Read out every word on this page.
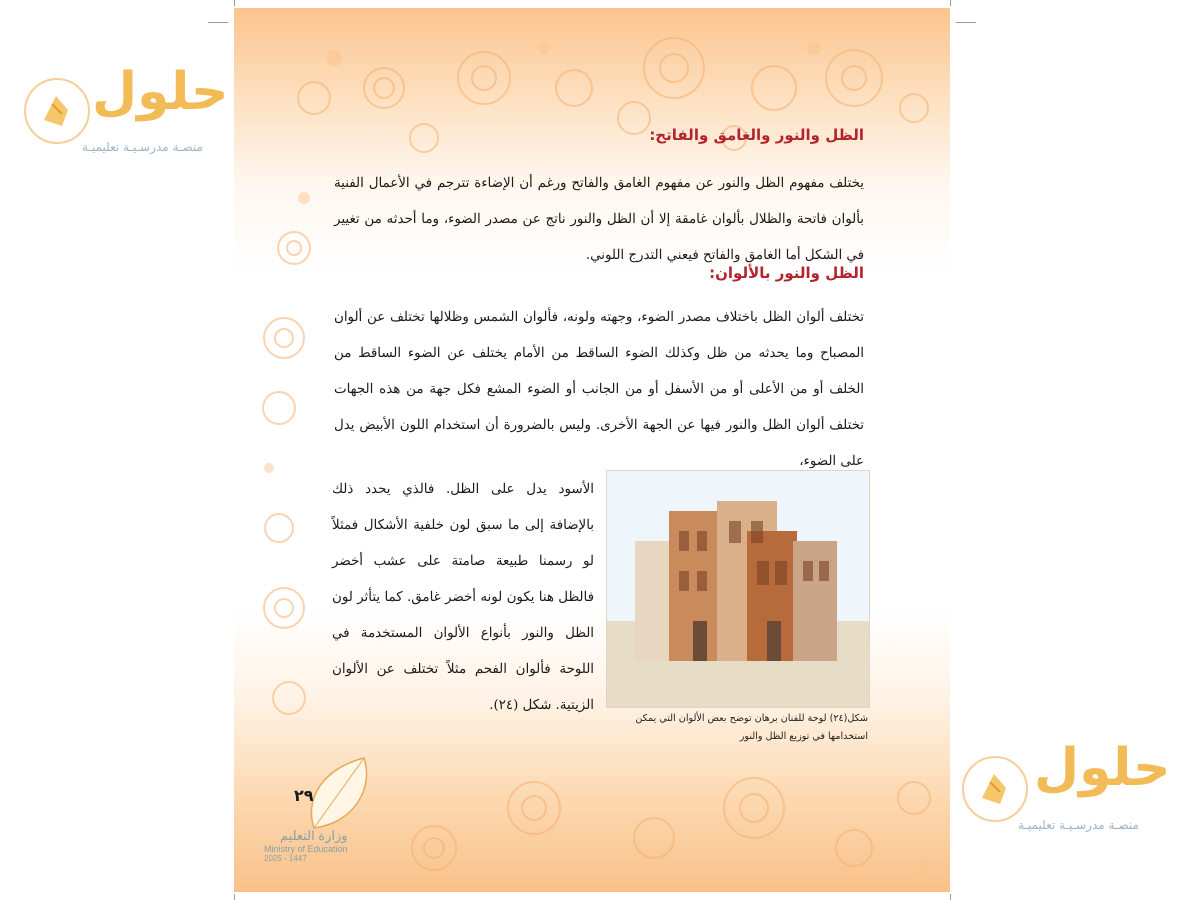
حلول
منصـة مدرسـيـة تعليميـة
الظل والنور والغامق والفاتح:
يختلف مفهوم الظل والنور عن مفهوم الغامق والفاتح ورغم أن الإضاءة تترجم في الأعمال الفنية بألوان فاتحة والظلال بألوان غامقة إلا أن الظل والنور ناتج عن مصدر الضوء، وما أحدثه من تغيير في الشكل أما الغامق والفاتح فيعني التدرج اللوني.
الظل والنور بالألوان:
تختلف ألوان الظل باختلاف مصدر الضوء، وجهته ولونه، فألوان الشمس وظلالها تختلف عن ألوان المصباح وما يحدثه من ظل وكذلك الضوء الساقط من الأمام يختلف عن الضوء الساقط من الخلف أو من الأعلى أو من الأسفل أو من الجانب أو الضوء المشع فكل جهة من هذه الجهات تختلف ألوان الظل والنور فيها عن الجهة الأخرى. وليس بالضرورة أن استخدام اللون الأبيض يدل على الضوء،
الأسود يدل على الظل. فالذي يحدد ذلك بالإضافة إلى ما سبق لون خلفية الأشكال فمثلاً لو رسمنا طبيعة صامتة على عشب أخضر فالظل هنا يكون لونه أخضر غامق. كما يتأثر لون الظل والنور بأنواع الألوان المستخدمة في اللوحة فألوان الفحم مثلاً تختلف عن الألوان الزيتية. شكل (٢٤).
شكل(٢٤) لوحة للفنان برهان توضح بعض الألوان التي يمكن استخدامها في توزيع الظل والنور
٢٩
وزارة التعليم
Ministry of Education
2025 - 1447
حلول
منصـة مدرسـيـة تعليميـة
